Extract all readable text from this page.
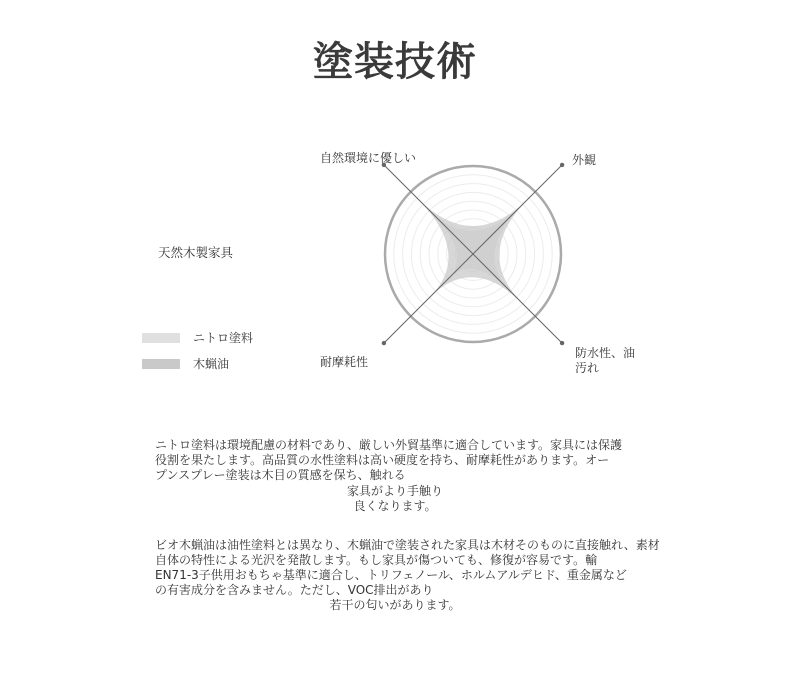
塗装技術
自然環境に優しい	外観
防水性、油汚れ
耐摩耗性
天然木製家具
ニトロ塗料
木蝋油
ニトロ塗料は環境配慮の材料であり、厳しい外貿基準に適合しています。家具には保護
役割を果たします。高品質の水性塗料は高い硬度を持ち、耐摩耗性があります。オー
プンスプレー塗装は木目の質感を保ち、触れる
家具がより手触り
良くなります。
ビオ木蝋油は油性塗料とは異なり、木蝋油で塗装された家具は木材そのものに直接触れ、素材
自体の特性による光沢を発散します。もし家具が傷ついても、修復が容易です。輸
EN71-3子供用おもちゃ基準に適合し、トリフェノール、ホルムアルデヒド、重金属など
の有害成分を含みません。ただし、VOC排出があり
若干の匂いがあります。
